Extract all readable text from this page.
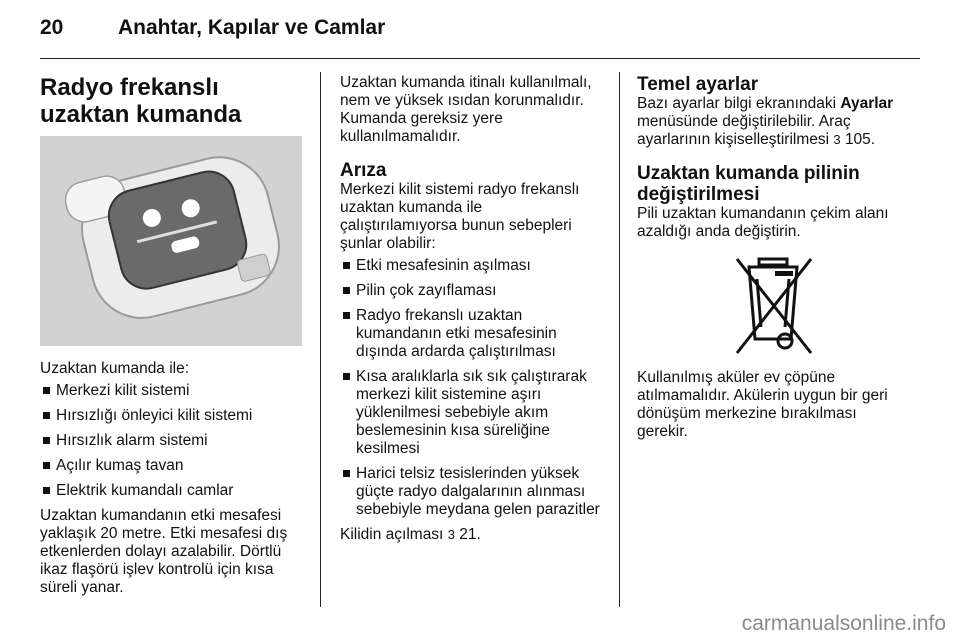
20	Anahtar, Kapılar ve Camlar
Radyo frekanslı uzaktan kumanda

Uzaktan kumanda ile:

Merkezi kilit sistemi
Hırsızlığı önleyici kilit sistemi
Hırsızlık alarm sistemi
Açılır kumaş tavan
Elektrik kumandalı camlar

Uzaktan kumandanın etki mesafesi yaklaşık 20 metre. Etki mesafesi dış etkenlerden dolayı azalabilir. Dörtlü ikaz flaşörü işlev kontrolü için kısa süreli yanar.

Uzaktan kumanda itinalı kullanılmalı, nem ve yüksek ısıdan korunmalıdır. Kumanda gereksiz yere kullanılmamalıdır.

Arıza

Merkezi kilit sistemi radyo frekanslı uzaktan kumanda ile çalıştırılamıyorsa bunun sebepleri şunlar olabilir:

Etki mesafesinin aşılması
Pilin çok zayıflaması
Radyo frekanslı uzaktan kumandanın etki mesafesinin dışında ardarda çalıştırılması
Kısa aralıklarla sık sık çalıştırarak merkezi kilit sistemine aşırı yüklenilmesi sebebiyle akım beslemesinin kısa süreliğine kesilmesi
Harici telsiz tesislerinden yüksek güçte radyo dalgalarının alınması sebebiyle meydana gelen parazitler

Kilidin açılması 3 21.

Temel ayarlar

Bazı ayarlar bilgi ekranındaki Ayarlar menüsünde değiştirilebilir. Araç ayarlarının kişiselleştirilmesi 3 105.

Uzaktan kumanda pilinin değiştirilmesi

Pili uzaktan kumandanın çekim alanı azaldığı anda değiştirin.

Kullanılmış aküler ev çöpüne atılmamalıdır. Akülerin uygun bir geri dönüşüm merkezine bırakılması gerekir.

carmanualsonline.info
